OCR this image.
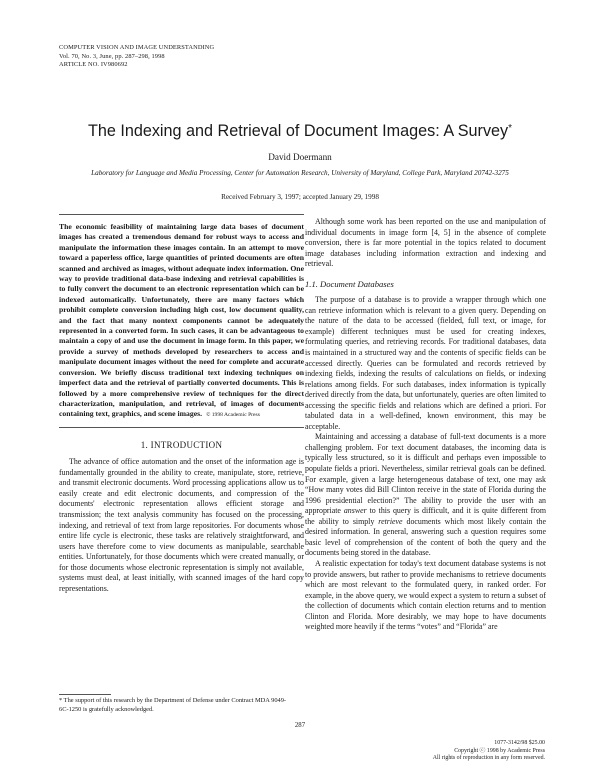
COMPUTER VISION AND IMAGE UNDERSTANDING
Vol. 70, No. 3, June, pp. 287–298, 1998
ARTICLE NO. IV980692
The Indexing and Retrieval of Document Images: A Survey*
David Doermann
Laboratory for Language and Media Processing, Center for Automation Research, University of Maryland, College Park, Maryland 20742-3275
Received February 3, 1997; accepted January 29, 1998
The economic feasibility of maintaining large data bases of document images has created a tremendous demand for robust ways to access and manipulate the information these images contain. In an attempt to move toward a paperless office, large quantities of printed documents are often scanned and archived as images, without adequate index information. One way to provide traditional data-base indexing and retrieval capabilities is to fully convert the document to an electronic representation which can be indexed automatically. Unfortunately, there are many factors which prohibit complete conversion including high cost, low document quality, and the fact that many nontext components cannot be adequately represented in a converted form. In such cases, it can be advantageous to maintain a copy of and use the document in image form. In this paper, we provide a survey of methods developed by researchers to access and manipulate document images without the need for complete and accurate conversion. We briefly discuss traditional text indexing techniques on imperfect data and the retrieval of partially converted documents. This is followed by a more comprehensive review of techniques for the direct characterization, manipulation, and retrieval, of images of documents containing text, graphics, and scene images. © 1998 Academic Press
1. INTRODUCTION

The advance of office automation and the onset of the information age is fundamentally grounded in the ability to create, manipulate, store, retrieve, and transmit electronic documents. Word processing applications allow us to easily create and edit electronic documents, and compression of the documents' electronic representation allows efficient storage and transmission; the text analysis community has focused on the processing, indexing, and retrieval of text from large repositories. For documents whose entire life cycle is electronic, these tasks are relatively straightforward, and users have therefore come to view documents as manipulable, searchable entities. Unfortunately, for those documents which were created manually, or for those documents whose electronic representation is simply not available, systems must deal, at least initially, with scanned images of the hard copy representations.

* The support of this research by the Department of Defense under Contract MDA 9049-6C-1250 is gratefully acknowledged.

Although some work has been reported on the use and manipulation of individual documents in image form [4, 5] in the absence of complete conversion, there is far more potential in the topics related to document image databases including information extraction and indexing and retrieval.

1.1. Document Databases

The purpose of a database is to provide a wrapper through which one can retrieve information which is relevant to a given query. Depending on the nature of the data to be accessed (fielded, full text, or image, for example) different techniques must be used for creating indexes, formulating queries, and retrieving records. For traditional databases, data is maintained in a structured way and the contents of specific fields can be accessed directly. Queries can be formulated and records retrieved by indexing fields, indexing the results of calculations on fields, or indexing relations among fields. For such databases, index information is typically derived directly from the data, but unfortunately, queries are often limited to accessing the specific fields and relations which are defined a priori. For tabulated data in a well-defined, known environment, this may be acceptable.

Maintaining and accessing a database of full-text documents is a more challenging problem. For text document databases, the incoming data is typically less structured, so it is difficult and perhaps even impossible to populate fields a priori. Nevertheless, similar retrieval goals can be defined. For example, given a large heterogeneous database of text, one may ask “How many votes did Bill Clinton receive in the state of Florida during the 1996 presidential election?” The ability to provide the user with an appropriate answer to this query is difficult, and it is quite different from the ability to simply retrieve documents which most likely contain the desired information. In general, answering such a question requires some basic level of comprehension of the content of both the query and the documents being stored in the database.

A realistic expectation for today's text document database systems is not to provide answers, but rather to provide mechanisms to retrieve documents which are most relevant to the formulated query, in ranked order. For example, in the above query, we would expect a system to return a subset of the collection of documents which contain election returns and to mention Clinton and Florida. More desirably, we may hope to have documents weighted more heavily if the terms “votes” and “Florida” are

287
1077-3142/98 $25.00
Copyright ⓒ 1998 by Academic Press
All rights of reproduction in any form reserved.
